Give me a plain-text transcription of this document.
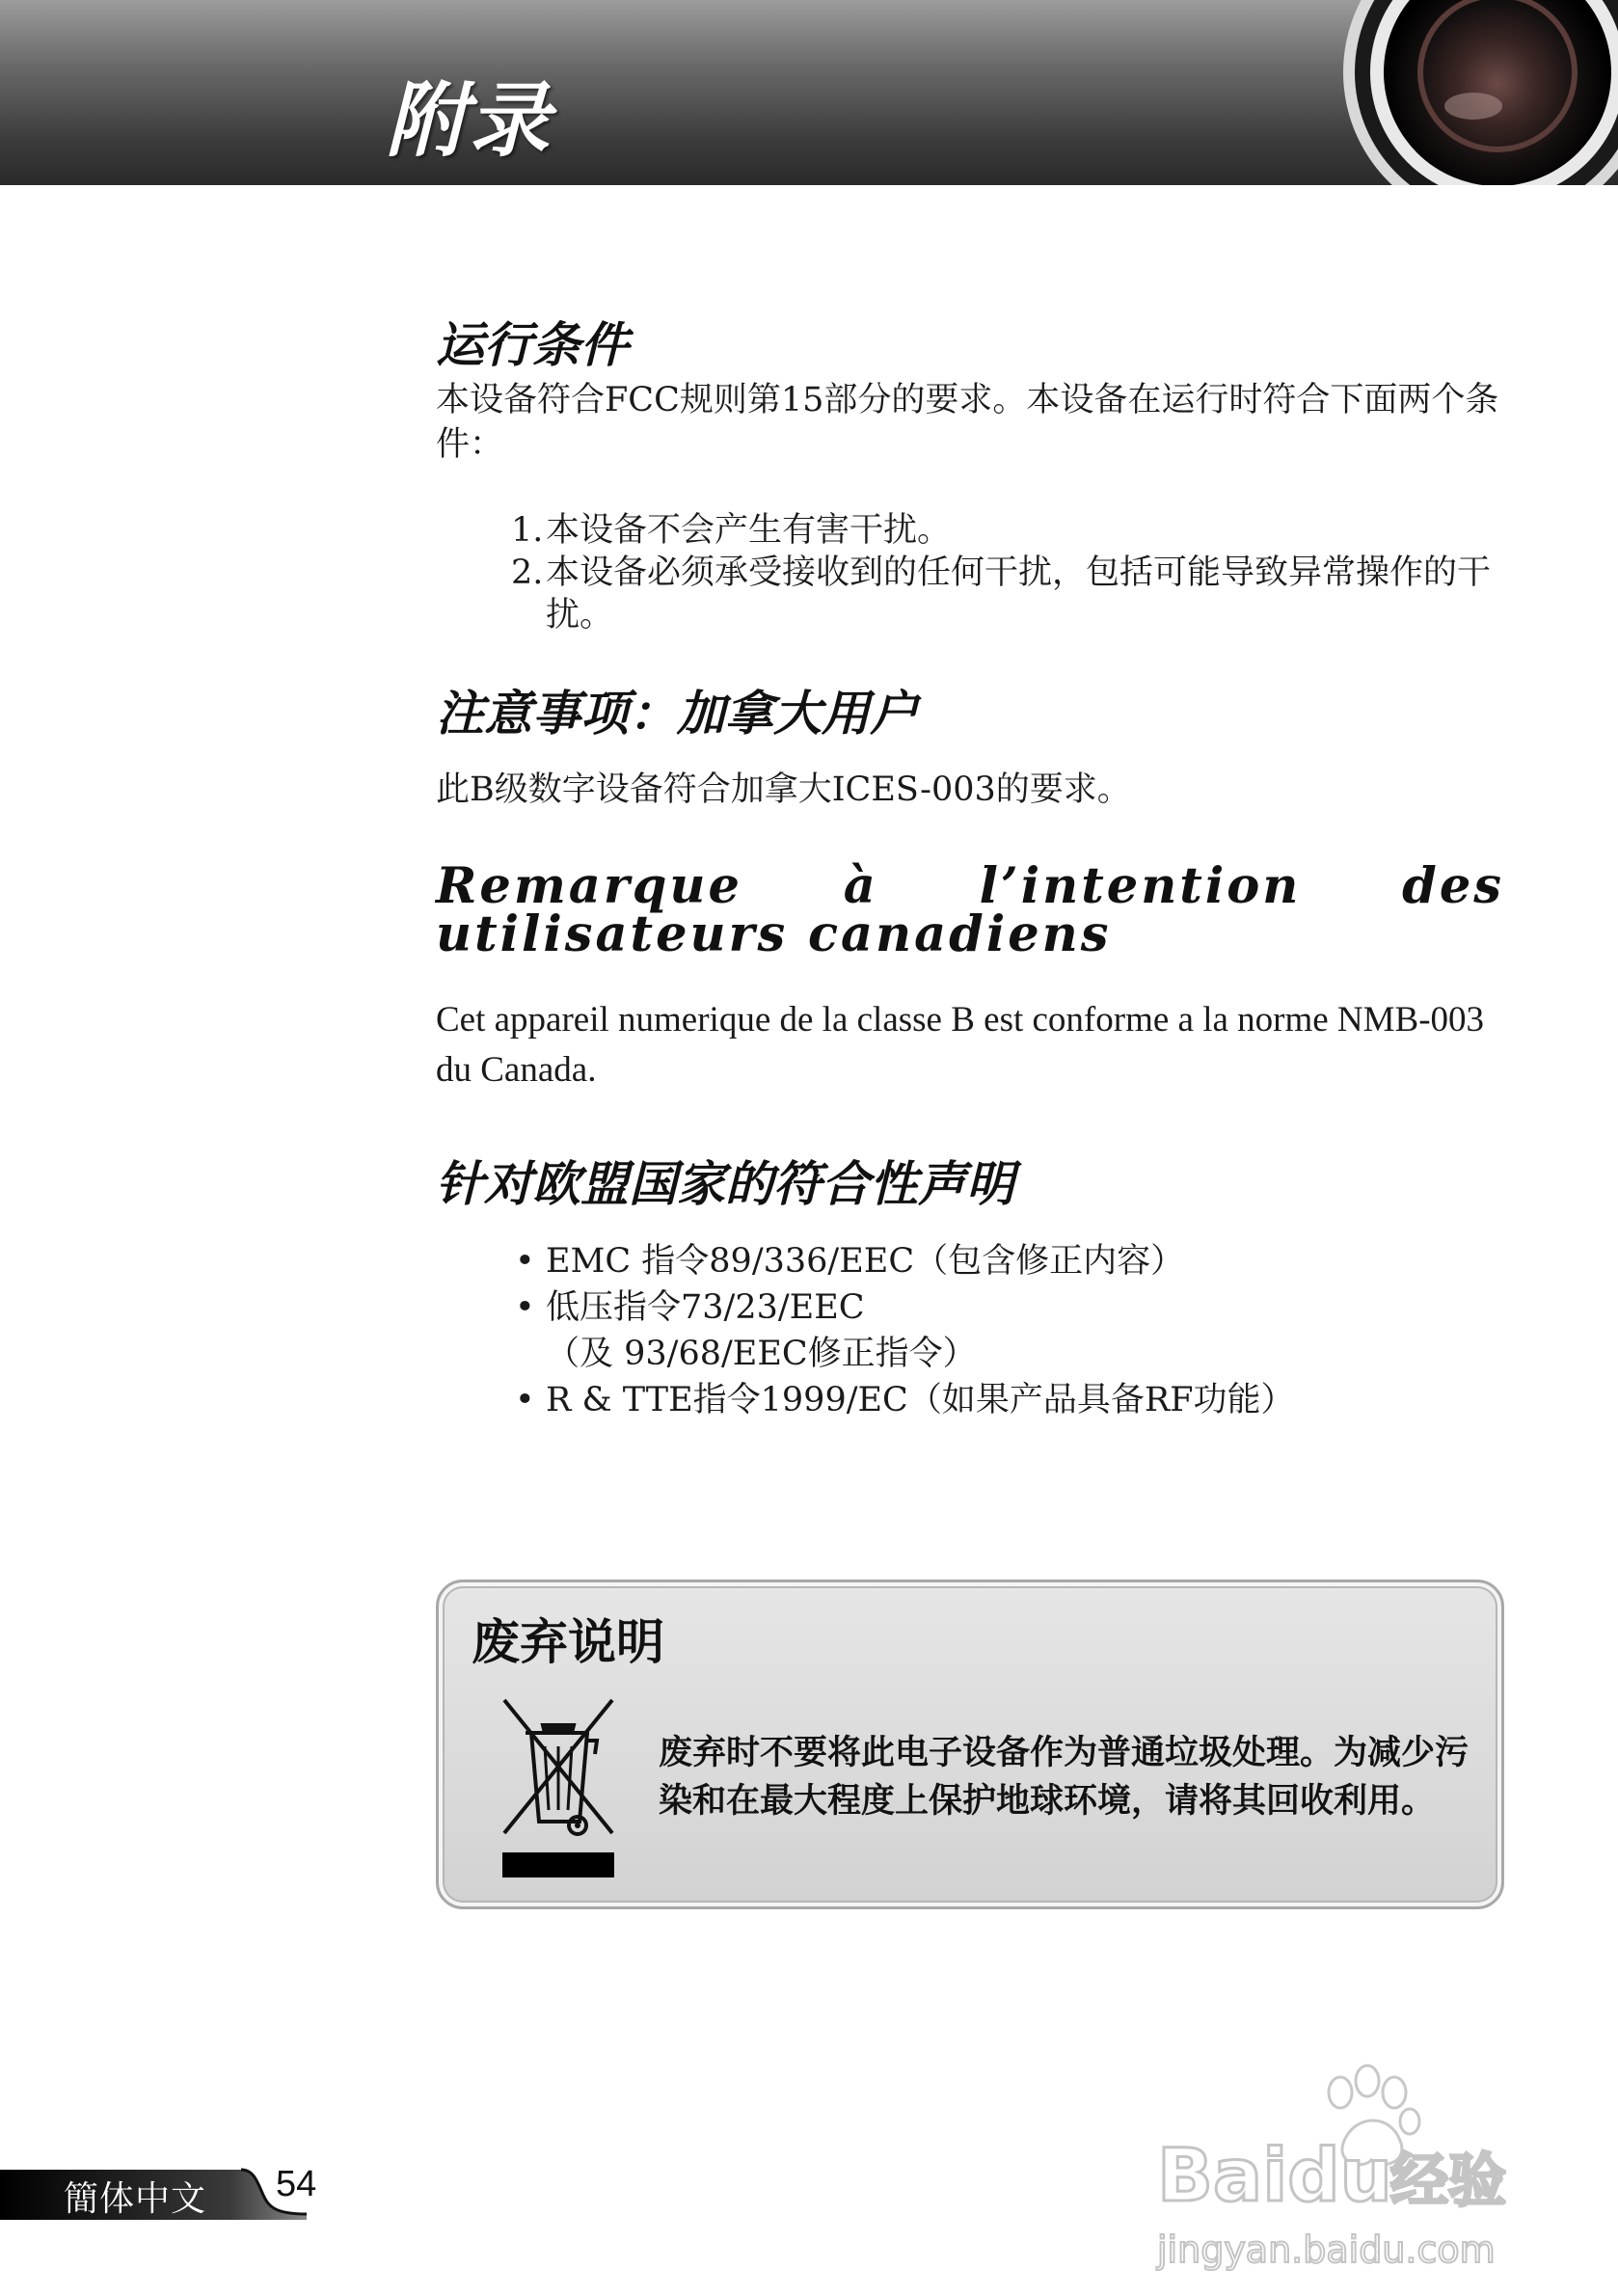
附录
运行条件
本设备符合FCC规则第15部分的要求。本设备在运行时符合下面两个条件：
1. 本设备不会产生有害干扰。
2. 本设备必须承受接收到的任何干扰，包括可能导致异常操作的干扰。
注意事项：加拿大用户
此B级数字设备符合加拿大ICES-003的要求。
Remarque à l’intention des utilisateurs canadiens
Cet appareil numerique de la classe B est conforme a la norme NMB-003 du Canada.
针对欧盟国家的符合性声明
• EMC 指令89/336/EEC（包含修正内容）
• 低压指令73/23/EEC
（及 93/68/EEC修正指令）
• R & TTE指令1999/EC（如果产品具备RF功能）
废弃说明
废弃时不要将此电子设备作为普通垃圾处理。为减少污染和在最大程度上保护地球环境，请将其回收利用。
Baidu
经验
jingyan.baidu.com
簡体中文 54
